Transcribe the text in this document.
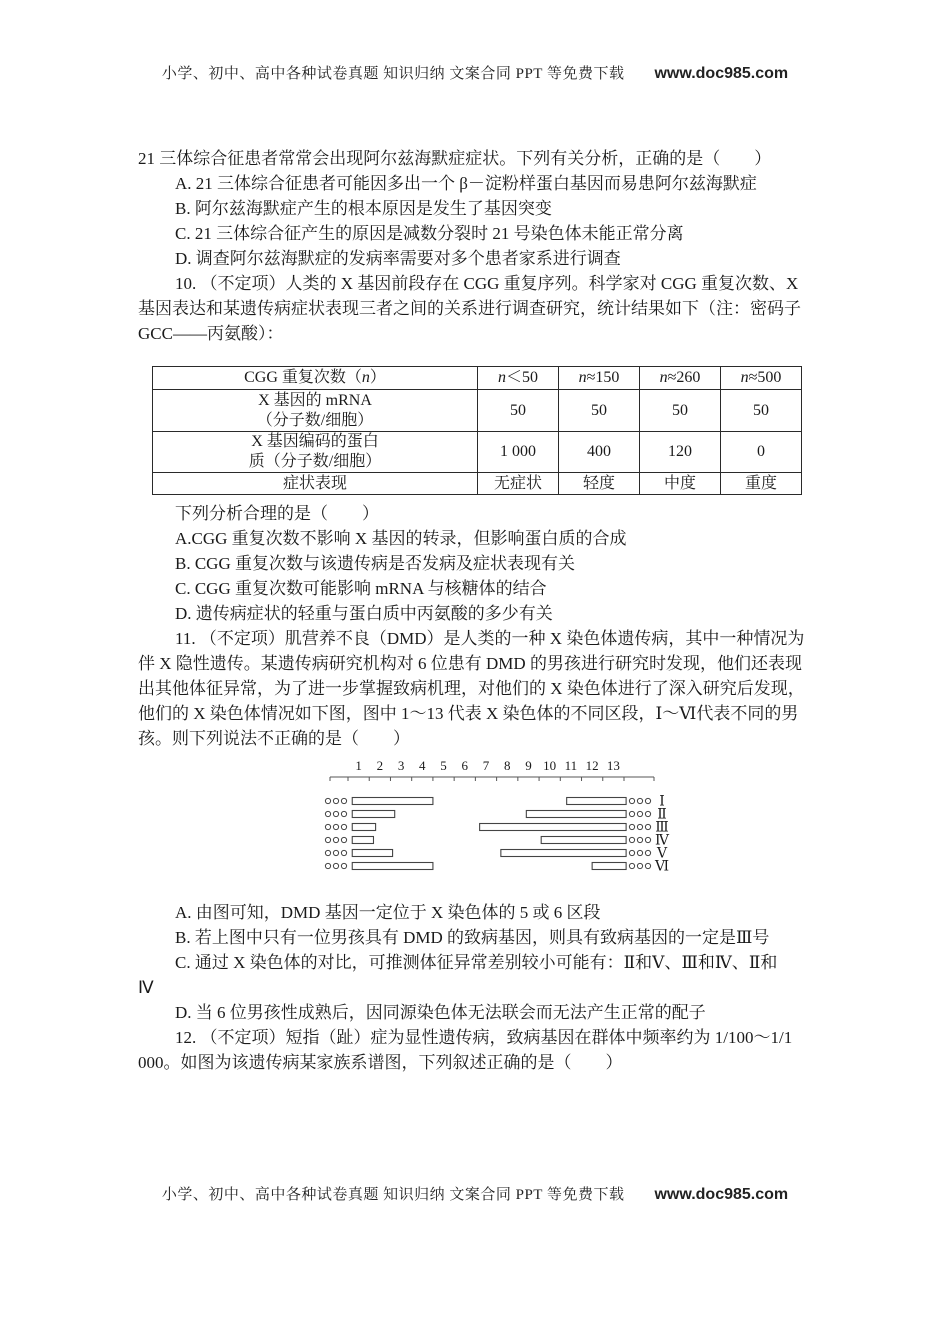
小学、初中、高中各种试卷真题 知识归纳 文案合同 PPT 等免费下载 www.doc985.com
21 三体综合征患者常常会出现阿尔兹海默症症状。下列有关分析，正确的是（　　）
A. 21 三体综合征患者可能因多出一个 β－淀粉样蛋白基因而易患阿尔兹海默症
B. 阿尔兹海默症产生的根本原因是发生了基因突变
C. 21 三体综合征产生的原因是减数分裂时 21 号染色体未能正常分离
D. 调查阿尔兹海默症的发病率需要对多个患者家系进行调查
10. （不定项）人类的 X 基因前段存在 CGG 重复序列。科学家对 CGG 重复次数、X
基因表达和某遗传病症状表现三者之间的关系进行调查研究，统计结果如下（注：密码子
GCC——丙氨酸）：
CGG 重复次数（n）	n＜50	n≈150	n≈260	n≈500
X 基因的 mRNA
（分子数/细胞）	50	50	50	50
X 基因编码的蛋白
质（分子数/细胞）	1 000	400	120	0
症状表现	无症状	轻度	中度	重度
下列分析合理的是（　　）
A.CGG 重复次数不影响 X 基因的转录，但影响蛋白质的合成
B. CGG 重复次数与该遗传病是否发病及症状表现有关
C. CGG 重复次数可能影响 mRNA 与核糖体的结合
D. 遗传病症状的轻重与蛋白质中丙氨酸的多少有关
11. （不定项）肌营养不良（DMD）是人类的一种 X 染色体遗传病，其中一种情况为
伴 X 隐性遗传。某遗传病研究机构对 6 位患有 DMD 的男孩进行研究时发现，他们还表现
出其他体征异常，为了进一步掌握致病机理，对他们的 X 染色体进行了深入研究后发现，
他们的 X 染色体情况如下图，图中 1～13 代表 X 染色体的不同区段，Ⅰ～Ⅵ代表不同的男
孩。则下列说法不正确的是（　　）
1 2 3 4 5 6 7 8 9 10 11 12 13
Ⅰ
Ⅱ
Ⅲ
Ⅳ
Ⅴ
Ⅵ
A. 由图可知，DMD 基因一定位于 X 染色体的 5 或 6 区段
B. 若上图中只有一位男孩具有 DMD 的致病基因，则具有致病基因的一定是Ⅲ号
C. 通过 X 染色体的对比，可推测体征异常差别较小可能有：Ⅱ和Ⅴ、Ⅲ和Ⅳ、Ⅱ和
Ⅳ
D. 当 6 位男孩性成熟后，因同源染色体无法联会而无法产生正常的配子
12. （不定项）短指（趾）症为显性遗传病，致病基因在群体中频率约为 1/100～1/1
000。如图为该遗传病某家族系谱图，下列叙述正确的是（　　）
小学、初中、高中各种试卷真题 知识归纳 文案合同 PPT 等免费下载 www.doc985.com
